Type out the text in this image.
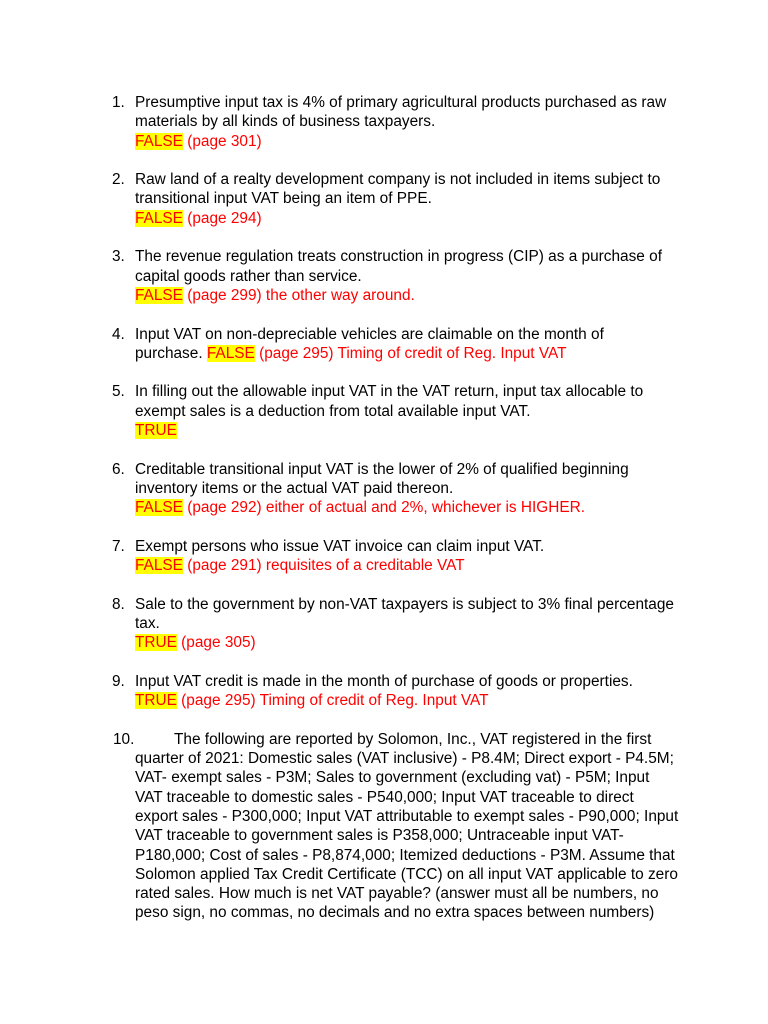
1. Presumptive input tax is 4% of primary agricultural products purchased as raw materials by all kinds of business taxpayers.
FALSE (page 301)
2. Raw land of a realty development company is not included in items subject to transitional input VAT being an item of PPE.
FALSE (page 294)
3. The revenue regulation treats construction in progress (CIP) as a purchase of capital goods rather than service.
FALSE (page 299) the other way around.
4. Input VAT on non-depreciable vehicles are claimable on the month of purchase. FALSE (page 295) Timing of credit of Reg. Input VAT
5. In filling out the allowable input VAT in the VAT return, input tax allocable to exempt sales is a deduction from total available input VAT.
TRUE
6. Creditable transitional input VAT is the lower of 2% of qualified beginning inventory items or the actual VAT paid thereon.
FALSE (page 292) either of actual and 2%, whichever is HIGHER.
7. Exempt persons who issue VAT invoice can claim input VAT.
FALSE (page 291) requisites of a creditable VAT
8. Sale to the government by non-VAT taxpayers is subject to 3% final percentage tax.
TRUE (page 305)
9. Input VAT credit is made in the month of purchase of goods or properties.
TRUE (page 295) Timing of credit of Reg. Input VAT
10.	The following are reported by Solomon, Inc., VAT registered in the first quarter of 2021: Domestic sales (VAT inclusive) - P8.4M; Direct export - P4.5M; VAT- exempt sales - P3M; Sales to government (excluding vat) - P5M; Input VAT traceable to domestic sales - P540,000; Input VAT traceable to direct export sales - P300,000; Input VAT attributable to exempt sales - P90,000; Input VAT traceable to government sales is P358,000; Untraceable input VAT-P180,000; Cost of sales - P8,874,000; Itemized deductions - P3M. Assume that Solomon applied Tax Credit Certificate (TCC) on all input VAT applicable to zero rated sales. How much is net VAT payable? (answer must all be numbers, no peso sign, no commas, no decimals and no extra spaces between numbers)
